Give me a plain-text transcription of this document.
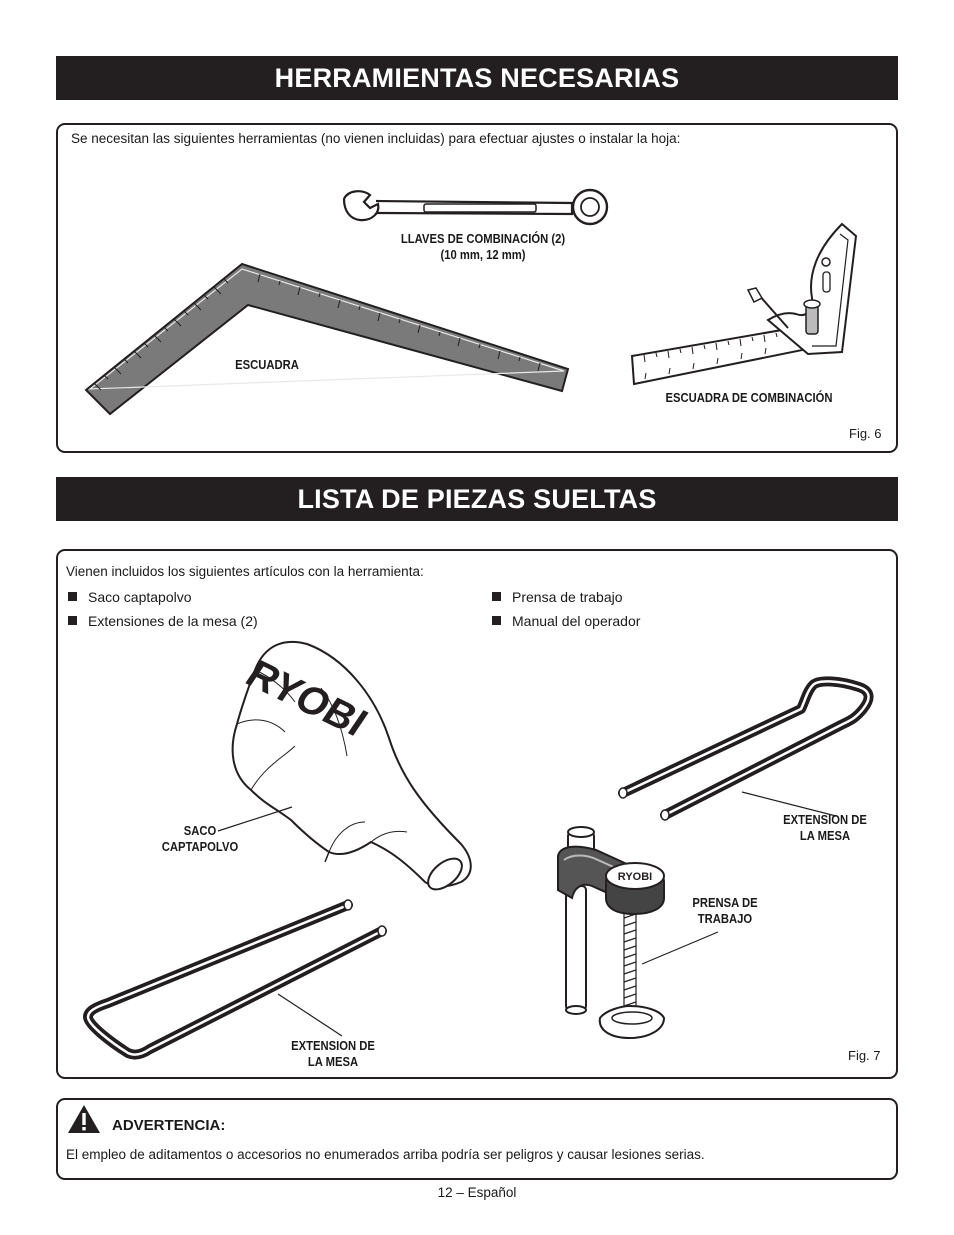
HERRAMIENTAS NECESARIAS
Se necesitan las siguientes herramientas (no vienen incluidas) para efectuar ajustes o instalar la hoja:
ESCUADRA
LLAVES DE COMBINACIÓN (2)
(10 mm, 12 mm)
ESCUADRA DE COMBINACIÓN
Fig. 6
LISTA DE PIEZAS SUELTAS
Vienen incluidos los siguientes artículos con la herramienta:
Saco captapolvo
Extensiones de la mesa (2)
Prensa de trabajo
Manual del operador
RYOBI
SACO
CAPTAPOLVO
EXTENSION DE
LA MESA
RYOBI
PRENSA DE
TRABAJO
EXTENSION DE
LA MESA	Fig. 7
ADVERTENCIA:
El empleo de aditamentos o accesorios no enumerados arriba podría ser peligros y causar lesiones serias.
12 – Español
